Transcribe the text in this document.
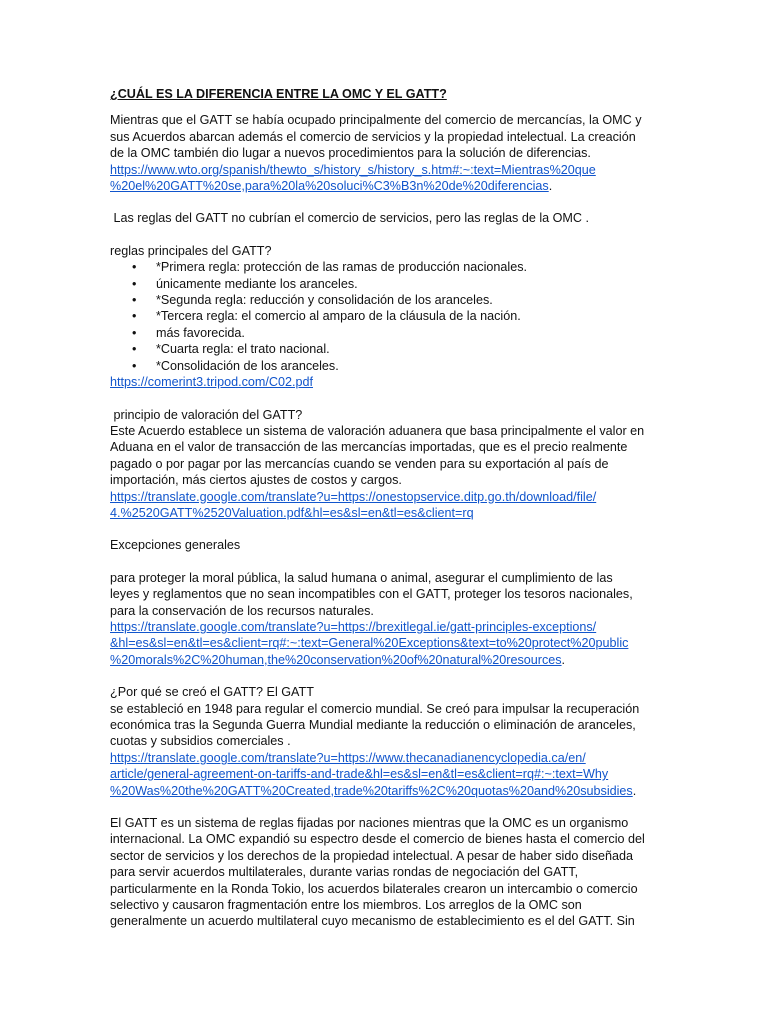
¿CUÁL ES LA DIFERENCIA ENTRE LA OMC Y EL GATT?

Mientras que el GATT se había ocupado principalmente del comercio de mercancías, la OMC y
sus Acuerdos abarcan además el comercio de servicios y la propiedad intelectual. La creación
de la OMC también dio lugar a nuevos procedimientos para la solución de diferencias.
https://www.wto.org/spanish/thewto_s/history_s/history_s.htm#:~:text=Mientras%20que
%20el%20GATT%20se,para%20la%20soluci%C3%B3n%20de%20diferencias.

Las reglas del GATT no cubrían el comercio de servicios, pero las reglas de la OMC .

reglas principales del GATT?
• *Primera regla: protección de las ramas de producción nacionales.
• únicamente mediante los aranceles.
• *Segunda regla: reducción y consolidación de los aranceles.
• *Tercera regla: el comercio al amparo de la cláusula de la nación.
• más favorecida.
• *Cuarta regla: el trato nacional.
• *Consolidación de los aranceles.
https://comerint3.tripod.com/C02.pdf
principio de valoración del GATT?
Este Acuerdo establece un sistema de valoración aduanera que basa principalmente el valor en
Aduana en el valor de transacción de las mercancías importadas, que es el precio realmente
pagado o por pagar por las mercancías cuando se venden para su exportación al país de
importación, más ciertos ajustes de costos y cargos.
https://translate.google.com/translate?u=https://onestopservice.ditp.go.th/download/file/
4.%2520GATT%2520Valuation.pdf&hl=es&sl=en&tl=es&client=rq
Excepciones generales
para proteger la moral pública, la salud humana o animal, asegurar el cumplimiento de las
leyes y reglamentos que no sean incompatibles con el GATT, proteger los tesoros nacionales,
para la conservación de los recursos naturales.
https://translate.google.com/translate?u=https://brexitlegal.ie/gatt-principles-exceptions/
&hl=es&sl=en&tl=es&client=rq#:~:text=General%20Exceptions&text=to%20protect%20public
%20morals%2C%20human,the%20conservation%20of%20natural%20resources.
¿Por qué se creó el GATT? El GATT
se estableció en 1948 para regular el comercio mundial. Se creó para impulsar la recuperación
económica tras la Segunda Guerra Mundial mediante la reducción o eliminación de aranceles,
cuotas y subsidios comerciales .
https://translate.google.com/translate?u=https://www.thecanadianencyclopedia.ca/en/
article/general-agreement-on-tariffs-and-trade&hl=es&sl=en&tl=es&client=rq#:~:text=Why
%20Was%20the%20GATT%20Created,trade%20tariffs%2C%20quotas%20and%20subsidies.
El GATT es un sistema de reglas fijadas por naciones mientras que la OMC es un organismo
internacional. La OMC expandió su espectro desde el comercio de bienes hasta el comercio del
sector de servicios y los derechos de la propiedad intelectual. A pesar de haber sido diseñada
para servir acuerdos multilaterales, durante varias rondas de negociación del GATT,
particularmente en la Ronda Tokio, los acuerdos bilaterales crearon un intercambio o comercio
selectivo y causaron fragmentación entre los miembros. Los arreglos de la OMC son
generalmente un acuerdo multilateral cuyo mecanismo de establecimiento es el del GATT. Sin
